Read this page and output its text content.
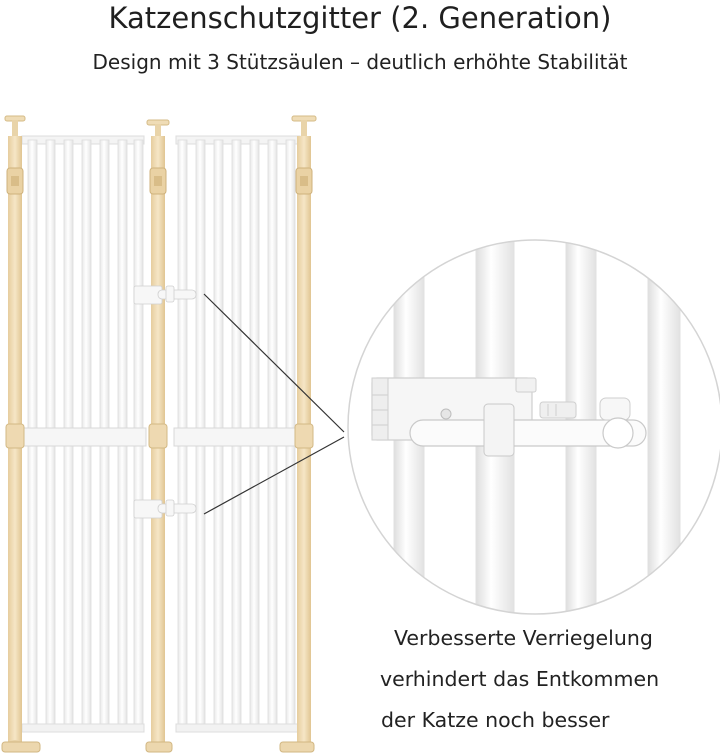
Katzenschutzgitter (2. Generation)
Design mit 3 Stützsäulen – deutlich erhöhte Stabilität
Verbesserte Verriegelung
verhindert das Entkommen
der Katze noch besser
